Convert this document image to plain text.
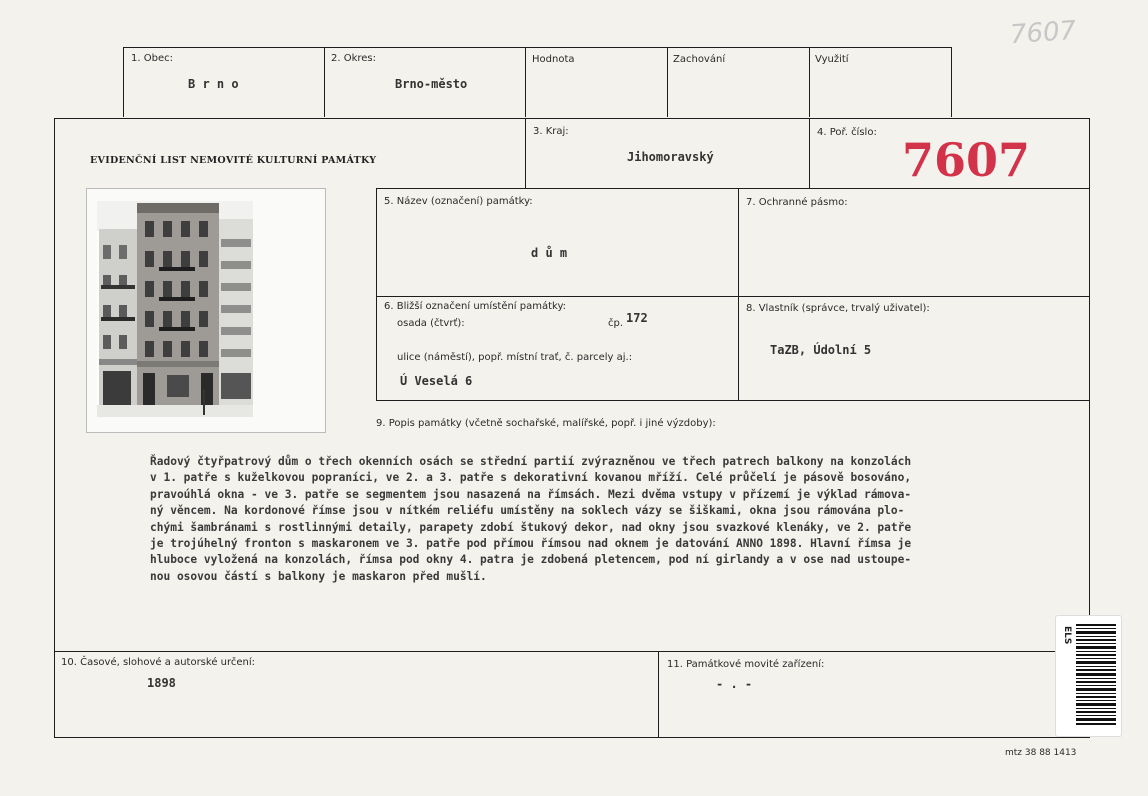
7607
1. Obec:
B r n o
2. Okres:
Brno-město
Hodnota	Zachování	Využití
EVIDENČNÍ LIST NEMOVITÉ KULTURNÍ PAMÁTKY
3. Kraj:
Jihomoravský
4. Poř. číslo:
7607
5. Název (označení) památky:
d ů m
7. Ochranné pásmo:
6. Bližší označení umístění památky:
osada (čtvrť):	čp. 172
ulice (náměstí), popř. místní trať, č. parcely aj.:
Ú Veselá 6
8. Vlastník (správce, trvalý uživatel):
TaZB, Údolní 5
9. Popis památky (včetně sochařské, malířské, popř. i jiné výzdoby):
Řadový čtyřpatrový dům o třech okenních osách se střední partií zvýrazněnou ve třech patrech balkony na konzolách
v 1. patře s kuželkovou popraníci, ve 2. a 3. patře s dekorativní kovanou mříží. Celé průčelí je pásově bosováno,
pravoúhlá okna - ve 3. patře se segmentem jsou nasazená na římsách. Mezi dvěma vstupy v přízemí je výklad rámova-
ný věncem. Na kordonové římse jsou v nítkém reliéfu umístěny na soklech vázy se šiškami, okna jsou rámována plo-
chými šambránami s rostlinnými detaily, parapety zdobí štukový dekor, nad okny jsou svazkové klenáky, ve 2. patře
je trojúhelný fronton s maskaronem ve 3. patře pod přímou římsou nad oknem je datování ANNO 1898. Hlavní římsa je
hluboce vyložená na konzolách, římsa pod okny 4. patra je zdobená pletencem, pod ní girlandy a v ose nad ustoupe-
nou osovou částí s balkony je maskaron před mušlí.
10. Časové, slohové a autorské určení:
1898
11. Památkové movité zařízení:
- . -
ELS
mtz 38 88 1413
